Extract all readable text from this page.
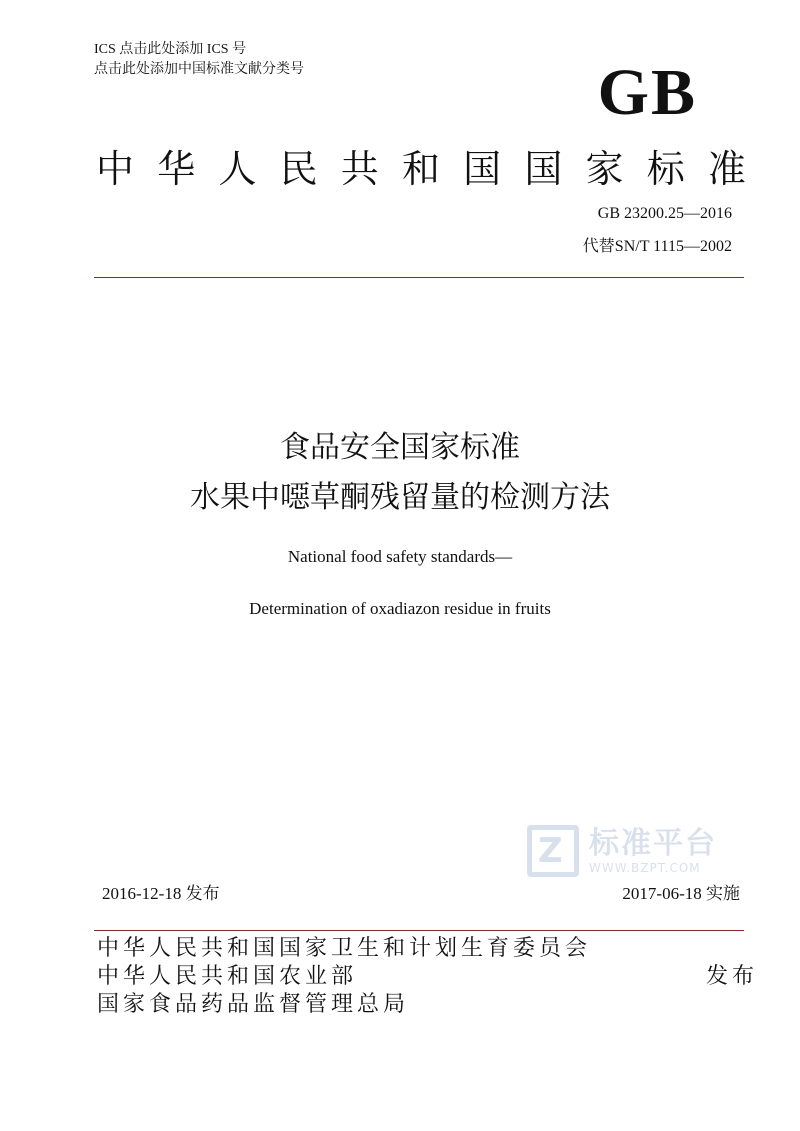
ICS 点击此处添加 ICS 号
点击此处添加中国标准文献分类号	GB
中 华 人 民 共 和 国 国 家 标 准
GB 23200.25—2016
代替SN/T 1115—2002
食品安全国家标准
水果中噁草酮残留量的检测方法
National food safety standards—
Determination of oxadiazon residue in fruits
Z 标准平台
WWW.BZPT.COM
2016-12-18 发布	2017-06-18 实施
中华人民共和国国家卫生和计划生育委员会
中华人民共和国农业部
国家食品药品监督管理总局
发布
